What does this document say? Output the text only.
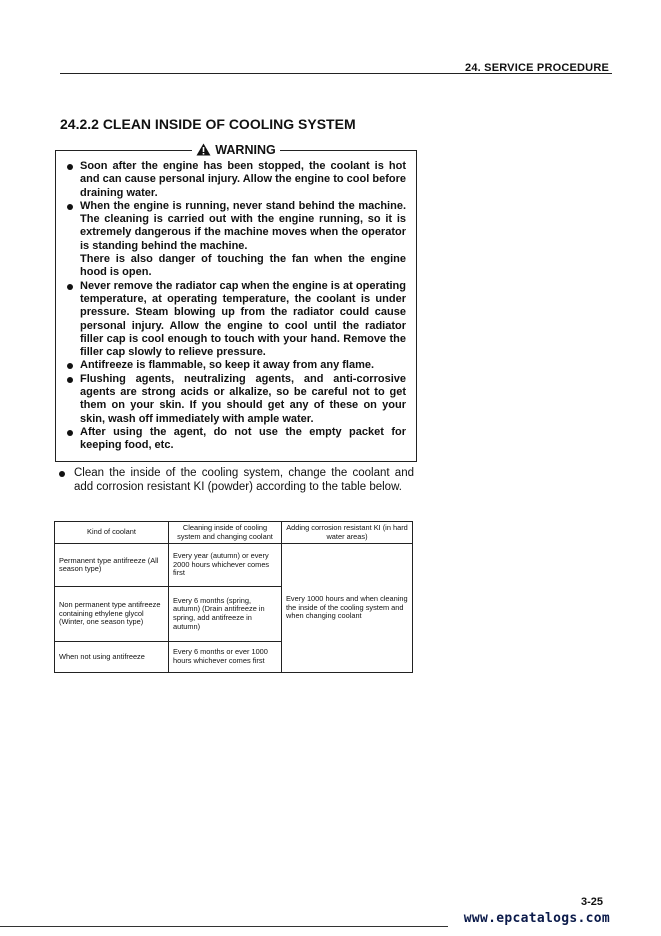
24. SERVICE PROCEDURE
24.2.2 CLEAN INSIDE OF COOLING SYSTEM
WARNING
Soon after the engine has been stopped, the coolant is hot and can cause personal injury. Allow the engine to cool before draining water.
When the engine is running, never stand behind the machine. The cleaning is carried out with the engine running, so it is extremely dangerous if the machine moves when the operator is standing behind the machine.
There is also danger of touching the fan when the engine hood is open.
Never remove the radiator cap when the engine is at operating temperature, at operating temperature, the coolant is under pressure. Steam blowing up from the radiator could cause personal injury. Allow the engine to cool until the radiator filler cap is cool enough to touch with your hand. Remove the filler cap slowly to relieve pressure.
Antifreeze is flammable, so keep it away from any flame.
Flushing agents, neutralizing agents, and anti-corrosive agents are strong acids or alkalize, so be careful not to get them on your skin. If you should get any of these on your skin, wash off immediately with ample water.
After using the agent, do not use the empty packet for keeping food, etc.

Clean the inside of the cooling system, change the coolant and add corrosion resistant KI (powder) according to the table below.

Kind of coolant	Cleaning inside of cooling system and changing coolant	Adding corrosion resistant KI (in hard water areas)
Permanent type antifreeze (All season type)	Every year (autumn) or every 2000 hours whichever comes first	Every 1000 hours and when cleaning the inside of the cooling system and when changing coolant
Non permanent type antifreeze containing ethylene glycol (Winter, one season type)	Every 6 months (spring, autumn) (Drain antifreeze in spring, add antifreeze in autumn)	
When not using antifreeze	Every 6 months or ever 1000 hours whichever comes first	
3-25
www.epcatalogs.com
